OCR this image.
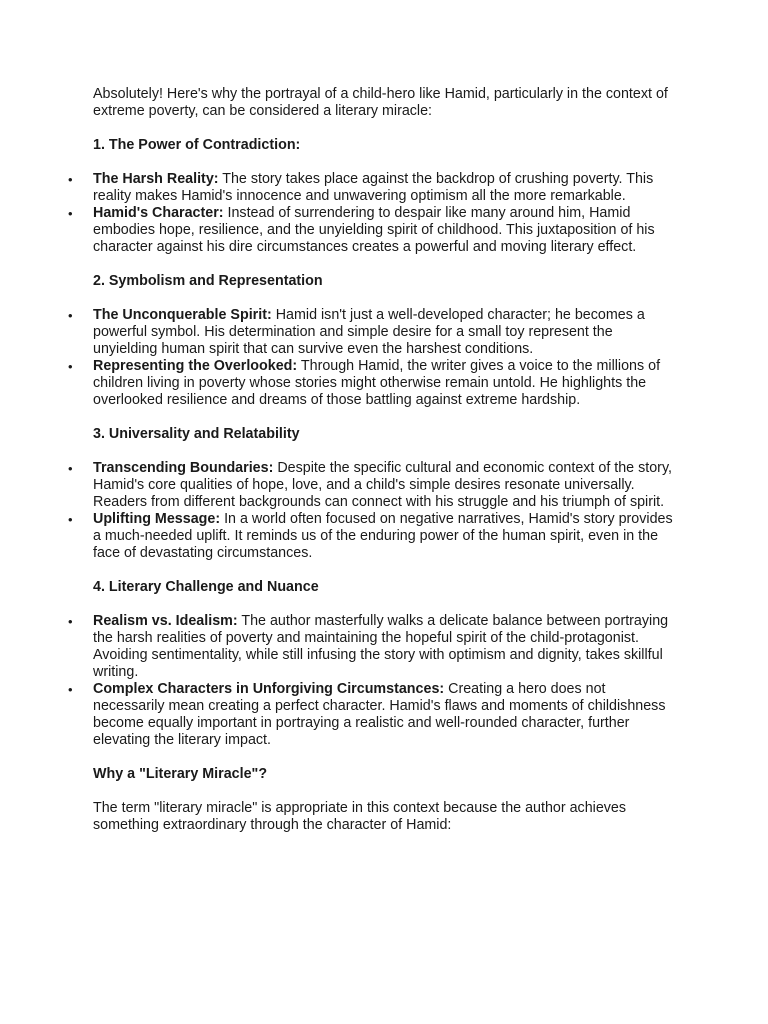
Absolutely! Here's why the portrayal of a child-hero like Hamid, particularly in the context of extreme poverty, can be considered a literary miracle:

1. The Power of Contradiction:

• The Harsh Reality: The story takes place against the backdrop of crushing poverty. This reality makes Hamid's innocence and unwavering optimism all the more remarkable.
• Hamid's Character: Instead of surrendering to despair like many around him, Hamid embodies hope, resilience, and the unyielding spirit of childhood. This juxtaposition of his character against his dire circumstances creates a powerful and moving literary effect.

2. Symbolism and Representation

• The Unconquerable Spirit: Hamid isn't just a well-developed character; he becomes a powerful symbol. His determination and simple desire for a small toy represent the unyielding human spirit that can survive even the harshest conditions.
• Representing the Overlooked: Through Hamid, the writer gives a voice to the millions of children living in poverty whose stories might otherwise remain untold. He highlights the overlooked resilience and dreams of those battling against extreme hardship.

3. Universality and Relatability

• Transcending Boundaries: Despite the specific cultural and economic context of the story, Hamid's core qualities of hope, love, and a child's simple desires resonate universally. Readers from different backgrounds can connect with his struggle and his triumph of spirit.
• Uplifting Message: In a world often focused on negative narratives, Hamid's story provides a much-needed uplift. It reminds us of the enduring power of the human spirit, even in the face of devastating circumstances.

4. Literary Challenge and Nuance

• Realism vs. Idealism: The author masterfully walks a delicate balance between portraying the harsh realities of poverty and maintaining the hopeful spirit of the child-protagonist. Avoiding sentimentality, while still infusing the story with optimism and dignity, takes skillful writing.
• Complex Characters in Unforgiving Circumstances: Creating a hero does not necessarily mean creating a perfect character. Hamid's flaws and moments of childishness become equally important in portraying a realistic and well-rounded character, further elevating the literary impact.

Why a "Literary Miracle"?

The term "literary miracle" is appropriate in this context because the author achieves something extraordinary through the character of Hamid:
